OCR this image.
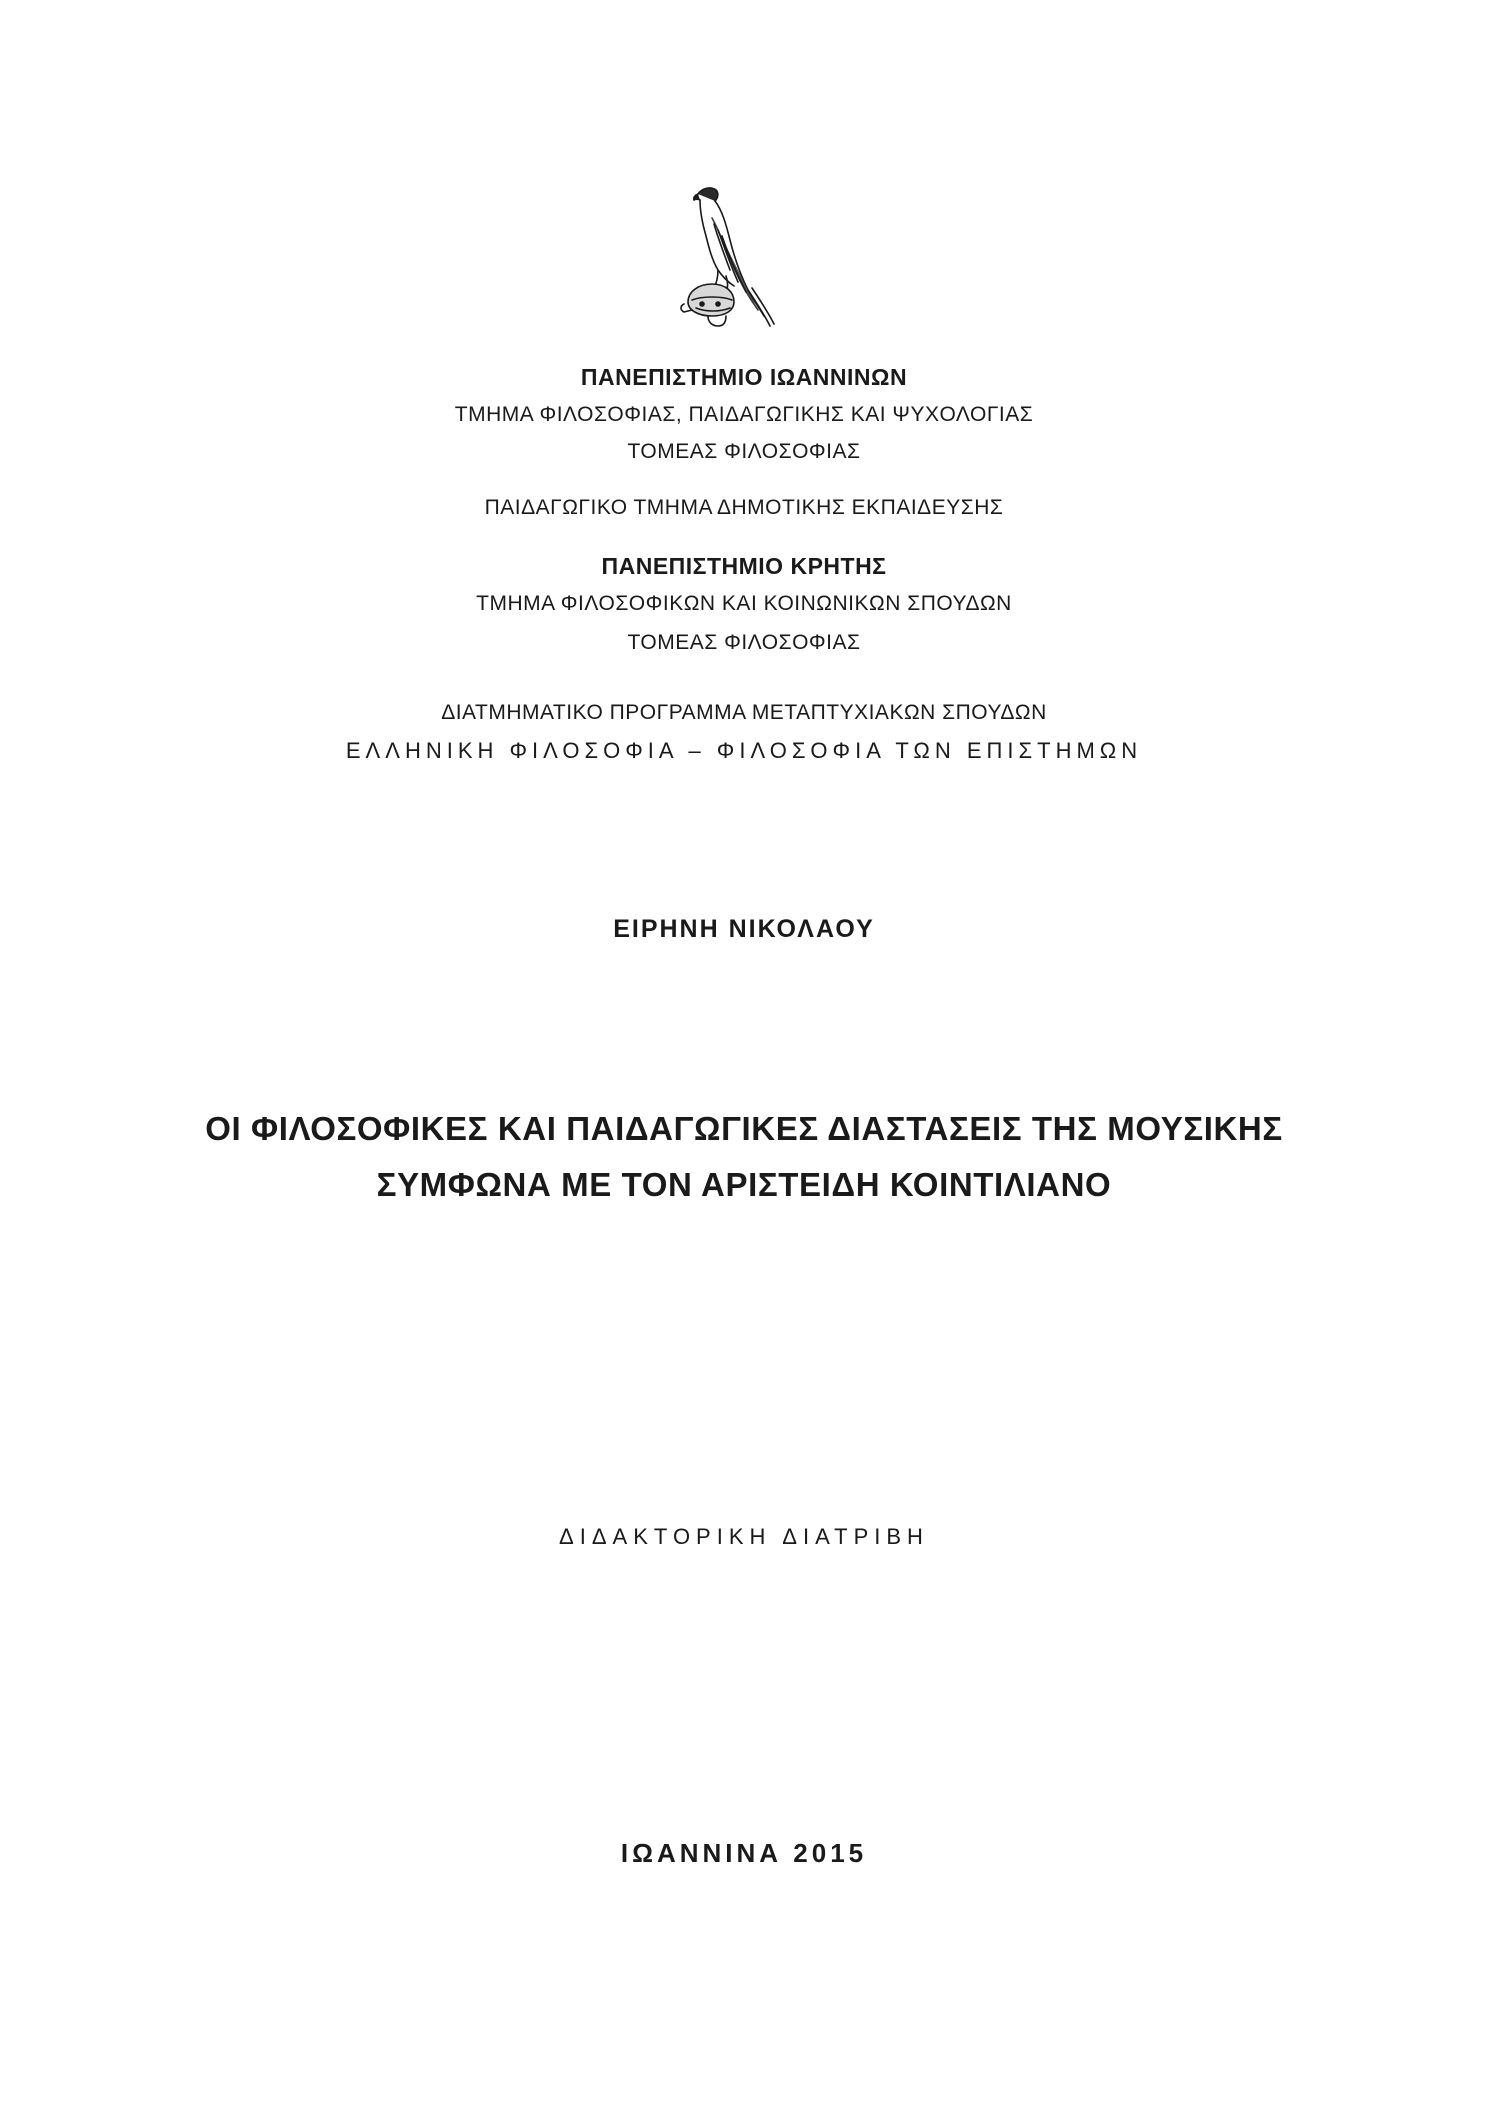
ΠΑΝΕΠΙΣΤΗΜΙΟ ΙΩΑΝΝΙΝΩΝ
ΤΜΗΜΑ ΦΙΛΟΣΟΦΙΑΣ, ΠΑΙΔΑΓΩΓΙΚΗΣ ΚΑΙ ΨΥΧΟΛΟΓΙΑΣ
ΤΟΜΕΑΣ ΦΙΛΟΣΟΦΙΑΣ
ΠΑΙΔΑΓΩΓΙΚΟ ΤΜΗΜΑ ΔΗΜΟΤΙΚΗΣ ΕΚΠΑΙΔΕΥΣΗΣ
ΠΑΝΕΠΙΣΤΗΜΙΟ ΚΡΗΤΗΣ
ΤΜΗΜΑ ΦΙΛΟΣΟΦΙΚΩΝ ΚΑΙ ΚΟΙΝΩΝΙΚΩΝ ΣΠΟΥΔΩΝ
ΤΟΜΕΑΣ ΦΙΛΟΣΟΦΙΑΣ
ΔΙΑΤΜΗΜΑΤΙΚΟ ΠΡΟΓΡΑΜΜΑ ΜΕΤΑΠΤΥΧΙΑΚΩΝ ΣΠΟΥΔΩΝ
ΕΛΛΗΝΙΚΗ ΦΙΛΟΣΟΦΙΑ – ΦΙΛΟΣΟΦΙΑ ΤΩΝ ΕΠΙΣΤΗΜΩΝ
ΕΙΡΗΝΗ ΝΙΚΟΛΑΟΥ
ΟΙ ΦΙΛΟΣΟΦΙΚΕΣ ΚΑΙ ΠΑΙΔΑΓΩΓΙΚΕΣ ΔΙΑΣΤΑΣΕΙΣ ΤΗΣ ΜΟΥΣΙΚΗΣ
ΣΥΜΦΩΝΑ ΜΕ ΤΟΝ ΑΡΙΣΤΕΙΔΗ ΚΟΙΝΤΙΛΙΑΝΟ
ΔΙΔΑΚΤΟΡΙΚΗ ΔΙΑΤΡΙΒΗ
ΙΩΑΝΝΙΝΑ 2015
